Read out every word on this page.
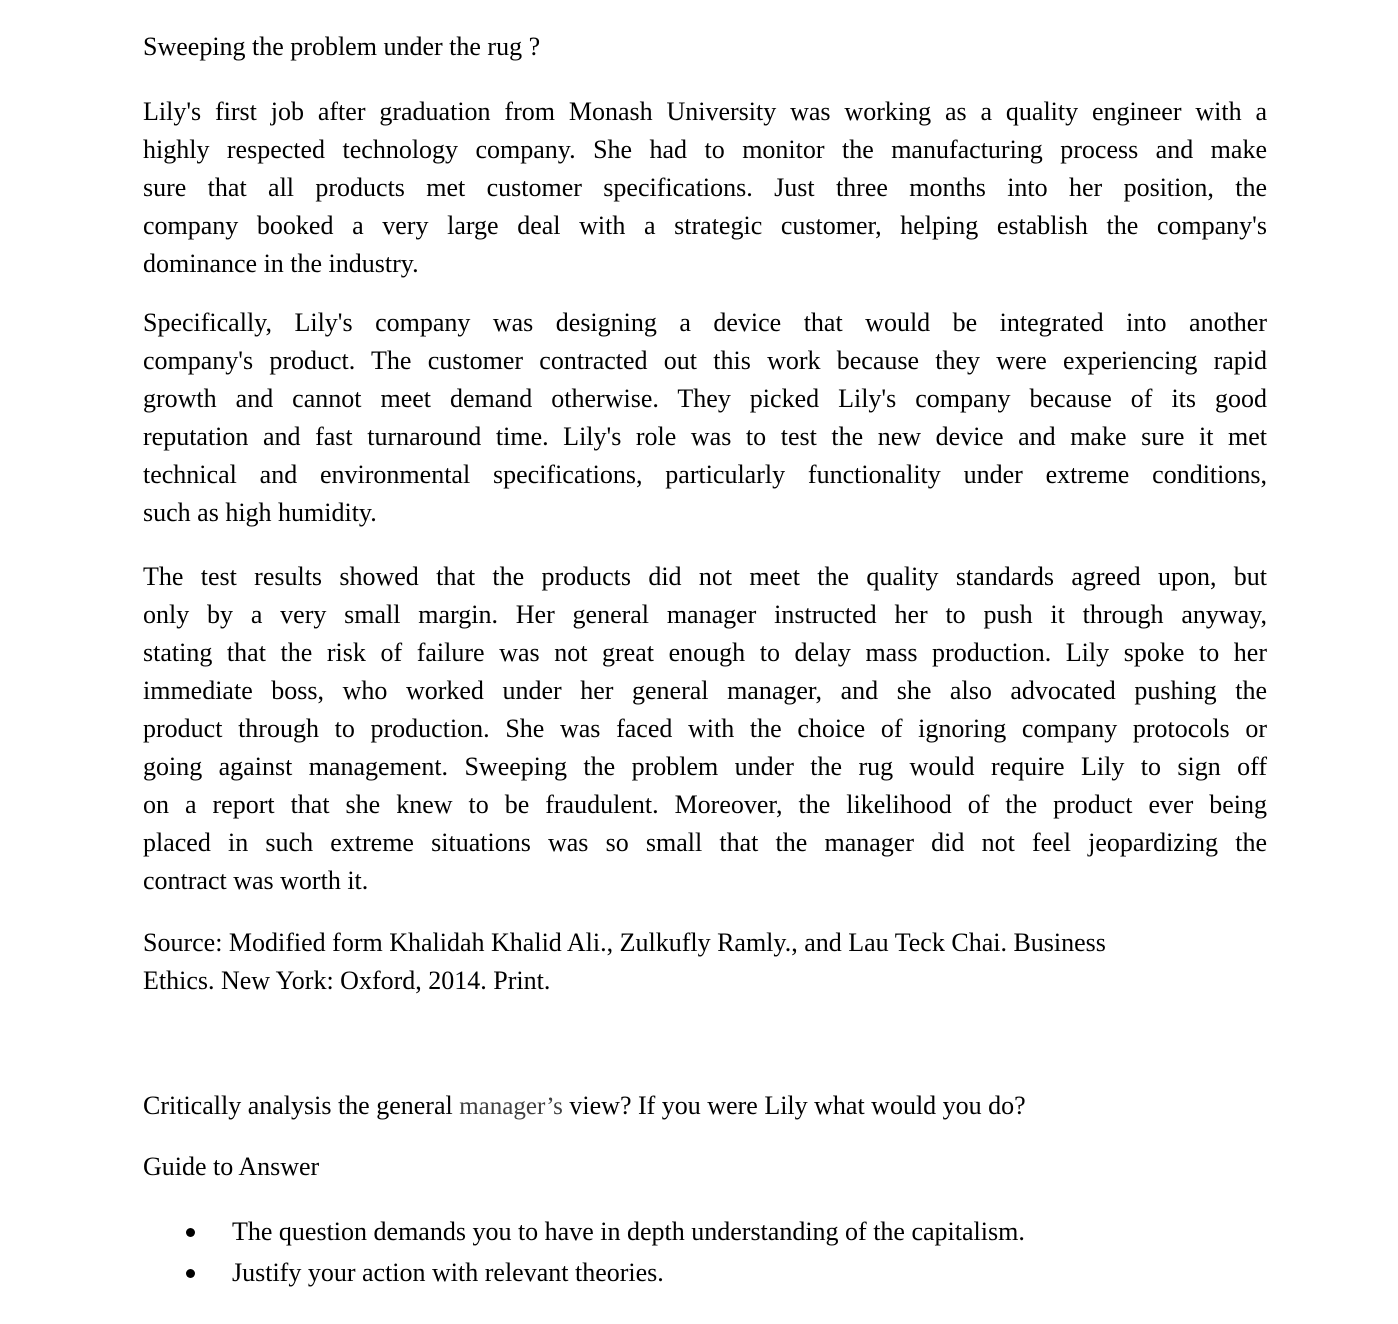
Sweeping the problem under the rug ?
Lily's first job after graduation from Monash University was working as a quality engineer with a
highly respected technology company. She had to monitor the manufacturing process and make
sure that all products met customer specifications. Just three months into her position, the
company booked a very large deal with a strategic customer, helping establish the company's
dominance in the industry.
Specifically, Lily's company was designing a device that would be integrated into another
company's product. The customer contracted out this work because they were experiencing rapid
growth and cannot meet demand otherwise. They picked Lily's company because of its good
reputation and fast turnaround time. Lily's role was to test the new device and make sure it met
technical and environmental specifications, particularly functionality under extreme conditions,
such as high humidity.
The test results showed that the products did not meet the quality standards agreed upon, but
only by a very small margin. Her general manager instructed her to push it through anyway,
stating that the risk of failure was not great enough to delay mass production. Lily spoke to her
immediate boss, who worked under her general manager, and she also advocated pushing the
product through to production. She was faced with the choice of ignoring company protocols or
going against management. Sweeping the problem under the rug would require Lily to sign off
on a report that she knew to be fraudulent. Moreover, the likelihood of the product ever being
placed in such extreme situations was so small that the manager did not feel jeopardizing the
contract was worth it.
Source: Modified form Khalidah Khalid Ali., Zulkufly Ramly., and Lau Teck Chai. Business
Ethics. New York: Oxford, 2014. Print.
Critically analysis the general manager’s view? If you were Lily what would you do?
Guide to Answer
The question demands you to have in depth understanding of the capitalism.
Justify your action with relevant theories.
